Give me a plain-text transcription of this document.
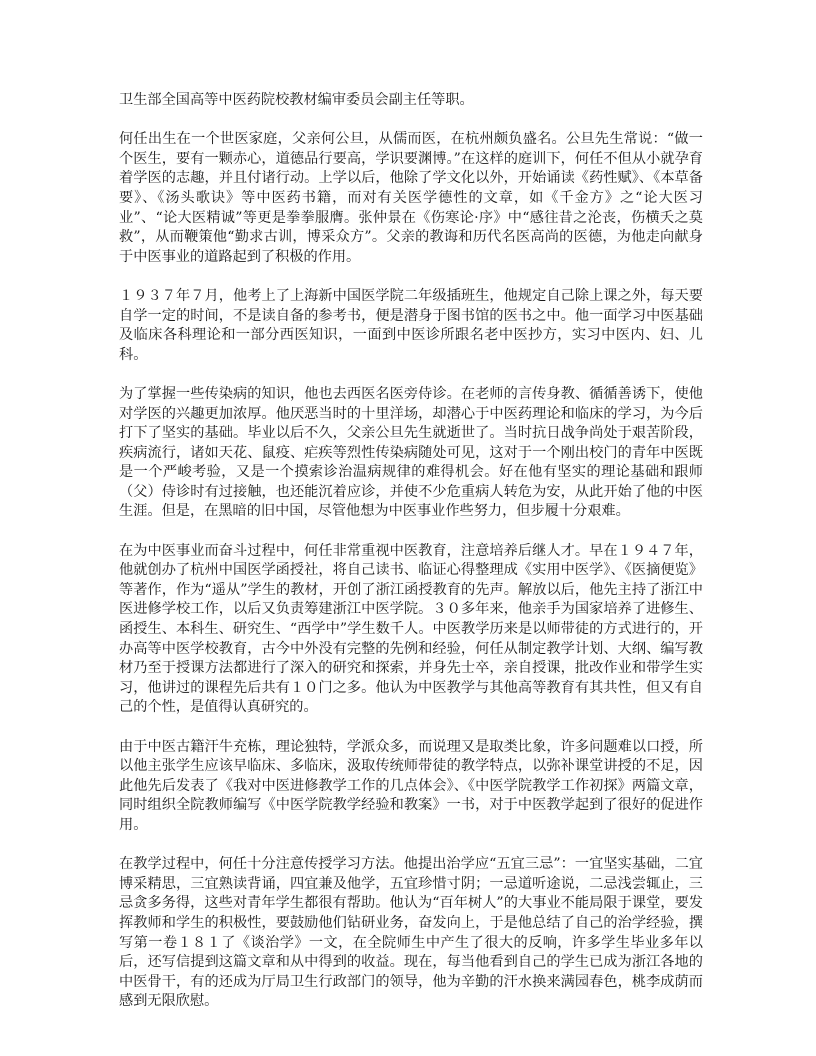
卫生部全国高等中医药院校教材编审委员会副主任等职。

何任出生在一个世医家庭，父亲何公旦，从儒而医，在杭州颇负盛名。公旦先生常说：“做一个医生，要有一颗赤心，道德品行要高，学识要渊博。”在这样的庭训下，何任不但从小就孕育着学医的志趣，并且付诸行动。上学以后，他除了学文化以外，开始诵读《药性赋》、《本草备要》、《汤头歌诀》等中医药书籍，而对有关医学德性的文章，如《千金方》之“论大医习业”、“论大医精诚”等更是拳拳服膺。张仲景在《伤寒论·序》中“感往昔之沦丧，伤横夭之莫救”，从而鞭策他“勤求古训，博采众方”。父亲的教诲和历代名医高尚的医德，为他走向献身于中医事业的道路起到了积极的作用。

１９３７年７月，他考上了上海新中国医学院二年级插班生，他规定自己除上课之外，每天要自学一定的时间，不是读自备的参考书，便是潜身于图书馆的医书之中。他一面学习中医基础及临床各科理论和一部分西医知识，一面到中医诊所跟名老中医抄方，实习中医内、妇、儿科。

为了掌握一些传染病的知识，他也去西医名医旁侍诊。在老师的言传身教、循循善诱下，使他对学医的兴趣更加浓厚。他厌恶当时的十里洋场，却潜心于中医药理论和临床的学习，为今后打下了坚实的基础。毕业以后不久，父亲公旦先生就逝世了。当时抗日战争尚处于艰苦阶段，疾病流行，诸如天花、鼠疫、疟疾等烈性传染病随处可见，这对于一个刚出校门的青年中医既是一个严峻考验，又是一个摸索诊治温病规律的难得机会。好在他有坚实的理论基础和跟师（父）侍诊时有过接触，也还能沉着应诊，并使不少危重病人转危为安，从此开始了他的中医生涯。但是，在黑暗的旧中国，尽管他想为中医事业作些努力，但步履十分艰难。

在为中医事业而奋斗过程中，何任非常重视中医教育，注意培养后继人才。早在１９４７年，他就创办了杭州中国医学函授社，将自己读书、临证心得整理成《实用中医学》、《医摘便览》等著作，作为“遥从”学生的教材，开创了浙江函授教育的先声。解放以后，他先主持了浙江中医进修学校工作，以后又负责筹建浙江中医学院。３０多年来，他亲手为国家培养了进修生、函授生、本科生、研究生、“西学中”学生数千人。中医教学历来是以师带徒的方式进行的，开办高等中医学校教育，古今中外没有完整的先例和经验，何任从制定教学计划、大纲、编写教材乃至于授课方法都进行了深入的研究和探索，并身先士卒，亲自授课，批改作业和带学生实习，他讲过的课程先后共有１０门之多。他认为中医教学与其他高等教育有其共性，但又有自己的个性，是值得认真研究的。

由于中医古籍汗牛充栋，理论独特，学派众多，而说理又是取类比象，许多问题难以口授，所以他主张学生应该早临床、多临床，汲取传统师带徒的教学特点，以弥补课堂讲授的不足，因此他先后发表了《我对中医进修教学工作的几点体会》、《中医学院教学工作初探》两篇文章，同时组织全院教师编写《中医学院教学经验和教案》一书，对于中医教学起到了很好的促进作用。

在教学过程中，何任十分注意传授学习方法。他提出治学应“五宜三忌”：一宜坚实基础，二宜博采精思，三宜熟读背诵，四宜兼及他学，五宜珍惜寸阴；一忌道听途说，二忌浅尝辄止，三忌贪多务得，这些对青年学生都很有帮助。他认为“百年树人”的大事业不能局限于课堂，要发挥教师和学生的积极性，要鼓励他们钻研业务，奋发向上，于是他总结了自己的治学经验，撰写第一卷１８１了《谈治学》一文，在全院师生中产生了很大的反响，许多学生毕业多年以后，还写信提到这篇文章和从中得到的收益。现在，每当他看到自己的学生已成为浙江各地的中医骨干，有的还成为厅局卫生行政部门的领导，他为辛勤的汗水换来满园春色，桃李成荫而感到无限欣慰。
